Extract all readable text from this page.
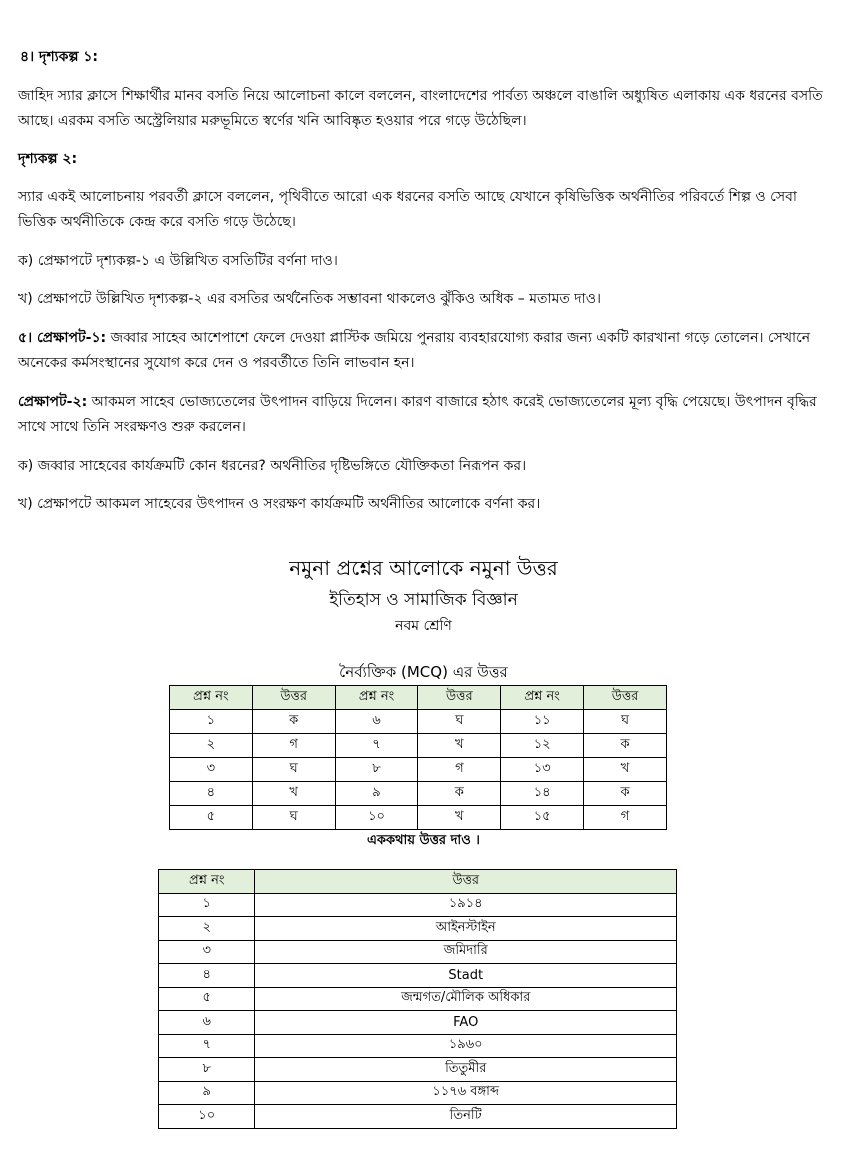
৪। দৃশ্যকল্প ১:
জাহিদ স্যার ক্লাসে শিক্ষার্থীর মানব বসতি নিয়ে আলোচনা কালে বললেন, বাংলাদেশের পার্বত্য অঞ্চলে বাঙালি অধ্যুষিত এলাকায় এক ধরনের বসতি আছে। এরকম বসতি অস্ট্রেলিয়ার মরুভূমিতে স্বর্ণের খনি আবিষ্কৃত হওয়ার পরে গড়ে উঠেছিল।
দৃশ্যকল্প ২:
স্যার একই আলোচনায় পরবর্তী ক্লাসে বললেন, পৃথিবীতে আরো এক ধরনের বসতি আছে যেখানে কৃষিভিত্তিক অর্থনীতির পরিবর্তে শিল্প ও সেবা ভিত্তিক অর্থনীতিকে কেন্দ্র করে বসতি গড়ে উঠেছে।
ক) প্রেক্ষাপটে দৃশ্যকল্প-১ এ উল্লিখিত বসতিটির বর্ণনা দাও।
খ) প্রেক্ষাপটে উল্লিখিত দৃশ্যকল্প-২ এর বসতির অর্থনৈতিক সম্ভাবনা থাকলেও ঝুঁকিও অধিক – মতামত দাও।
৫। প্রেক্ষাপট-১: জব্বার সাহেব আশেপাশে ফেলে দেওয়া প্লাস্টিক জমিয়ে পুনরায় ব্যবহারযোগ্য করার জন্য একটি কারখানা গড়ে তোলেন। সেখানে অনেকের কর্মসংস্থানের সুযোগ করে দেন ও পরবর্তীতে তিনি লাভবান হন।
প্রেক্ষাপট-২: আকমল সাহেব ভোজ্যতেলের উৎপাদন বাড়িয়ে দিলেন। কারণ বাজারে হঠাৎ করেই ভোজ্যতেলের মূল্য বৃদ্ধি পেয়েছে। উৎপাদন বৃদ্ধির সাথে সাথে তিনি সংরক্ষণও শুরু করলেন।
ক) জব্বার সাহেবের কার্যক্রমটি কোন ধরনের? অর্থনীতির দৃষ্টিভঙ্গিতে যৌক্তিকতা নিরূপন কর।
খ) প্রেক্ষাপটে আকমল সাহেবের উৎপাদন ও সংরক্ষণ কার্যক্রমটি অর্থনীতির আলোকে বর্ণনা কর।
নমুনা প্রশ্নের আলোকে নমুনা উত্তর
ইতিহাস ও সামাজিক বিজ্ঞান
নবম শ্রেণি
নৈর্ব্যক্তিক (MCQ) এর উত্তর
প্রশ্ন নং	উত্তর	প্রশ্ন নং	উত্তর	প্রশ্ন নং	উত্তর
১	ক	৬	ঘ	১১	ঘ
২	গ	৭	খ	১২	ক
৩	ঘ	৮	গ	১৩	খ
৪	খ	৯	ক	১৪	ক
৫	ঘ	১০	খ	১৫	গ
এককথায় উত্তর দাও ।
প্রশ্ন নং	উত্তর
১	১৯১৪
২	আইনস্টাইন
৩	জমিদারি
৪	Stadt
৫	জন্মগত/মৌলিক অধিকার
৬	FAO
৭	১৯৬০
৮	তিতুমীর
৯	১১৭৬ বঙ্গাব্দ
১০	তিনটি
